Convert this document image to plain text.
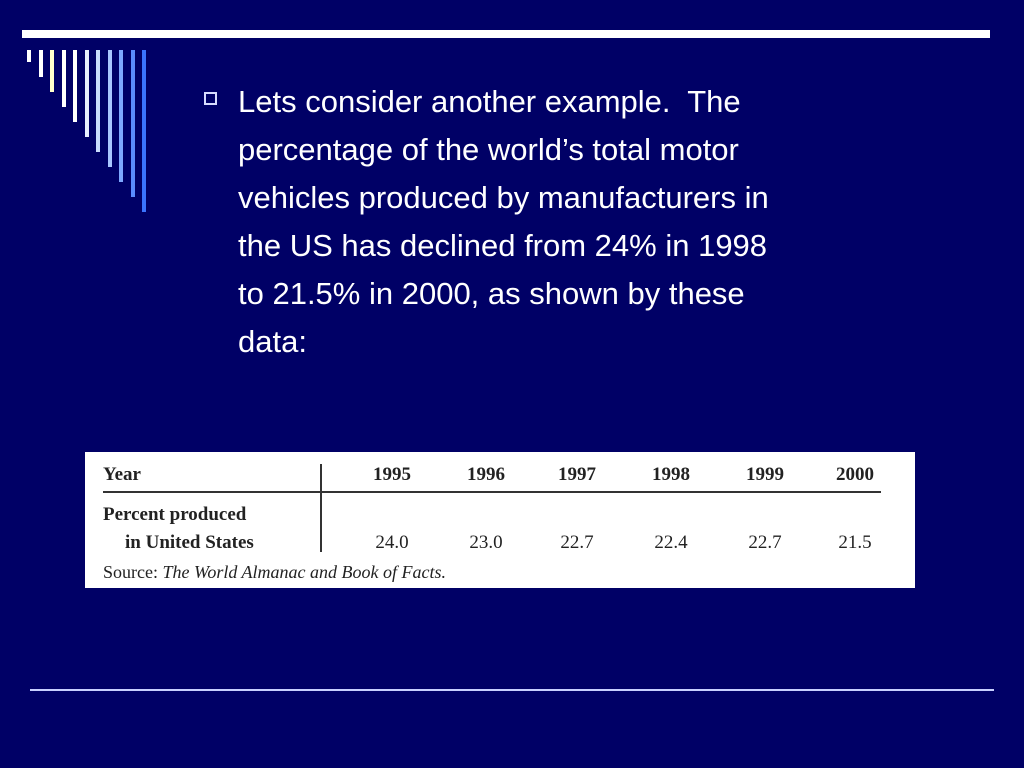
Lets consider another example.  The
percentage of the world’s total motor
vehicles produced by manufacturers in
the US has declined from 24% in 1998
to 21.5% in 2000, as shown by these
data:
Year	1995	1996	1997	1998	1999	2000
Percent produced
in United States	24.0	23.0	22.7	22.4	22.7	21.5
Source: The World Almanac and Book of Facts.
